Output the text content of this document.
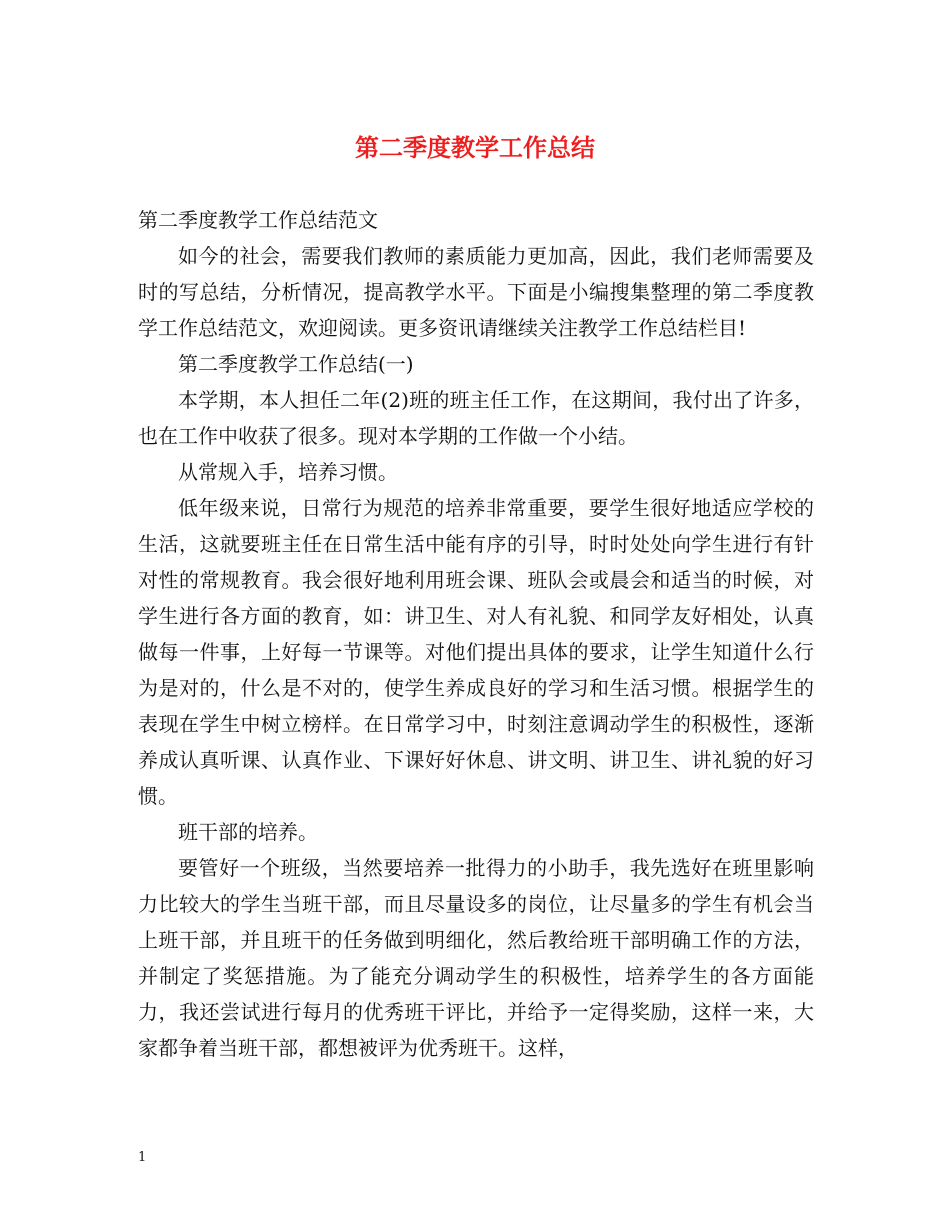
第二季度教学工作总结

第二季度教学工作总结范文

如今的社会，需要我们教师的素质能力更加高，因此，我们老师需要及时的写总结，分析情况，提高教学水平。下面是小编搜集整理的第二季度教学工作总结范文，欢迎阅读。更多资讯请继续关注教学工作总结栏目!

第二季度教学工作总结(一)

本学期，本人担任二年(2)班的班主任工作，在这期间，我付出了许多，也在工作中收获了很多。现对本学期的工作做一个小结。

从常规入手，培养习惯。

低年级来说，日常行为规范的培养非常重要，要学生很好地适应学校的生活，这就要班主任在日常生活中能有序的引导，时时处处向学生进行有针对性的常规教育。我会很好地利用班会课、班队会或晨会和适当的时候，对学生进行各方面的教育，如：讲卫生、对人有礼貌、和同学友好相处，认真做每一件事，上好每一节课等。对他们提出具体的要求，让学生知道什么行为是对的，什么是不对的，使学生养成良好的学习和生活习惯。根据学生的表现在学生中树立榜样。在日常学习中，时刻注意调动学生的积极性，逐渐养成认真听课、认真作业、下课好好休息、讲文明、讲卫生、讲礼貌的好习惯。

班干部的培养。

要管好一个班级，当然要培养一批得力的小助手，我先选好在班里影响力比较大的学生当班干部，而且尽量设多的岗位，让尽量多的学生有机会当上班干部，并且班干的任务做到明细化，然后教给班干部明确工作的方法，并制定了奖惩措施。为了能充分调动学生的积极性，培养学生的各方面能力，我还尝试进行每月的优秀班干评比，并给予一定得奖励，这样一来，大家都争着当班干部，都想被评为优秀班干。这样，

1
